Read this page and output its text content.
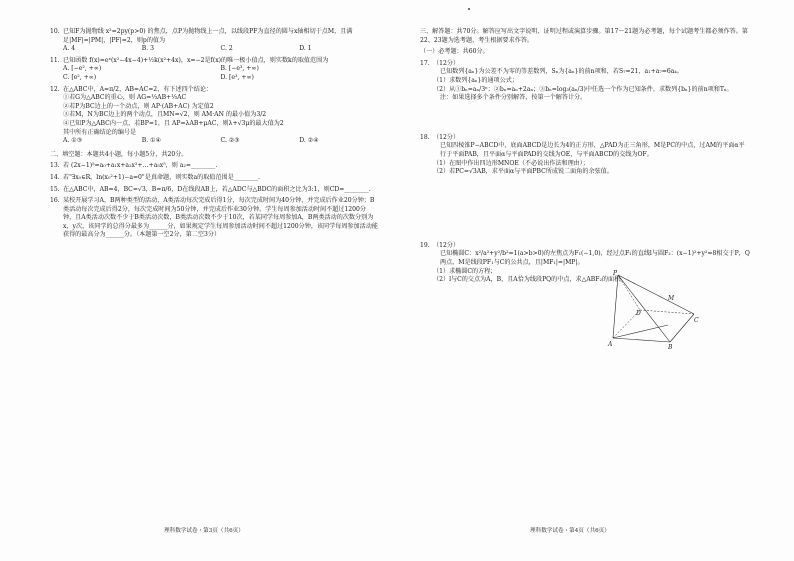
10. 已知F为抛物线 x²=2py(p>0) 的焦点，点P为抛物线上一点，以线段PF为直径的圆与x轴相切于点M，且满足|MF|=|PM|，|PF|=2，则p的值为
A. 4	B. 3	C. 2	D. 1
11. 已知函数 f(x)=eˣ(x²−4x−4)+½k(x²+4x)，x=−2是f(x)的唯一极小值点，则实数k的取值范围为
A. [−e², +∞)	B. [−e³, +∞)
C. [e², +∞)	D. [e³, +∞)
12. 在△ABC中，A=π/2，AB=AC=2，有下述四个结论：
①若G为△ABC的重心，则 AG=⅓AB+⅓AC
②若P为BC边上的一个动点，则 AP·(AB+AC) 为定值2
③若M，N为BC边上的两个动点，且MN=√2，则 AM·AN 的最小值为3/2
④已知P为△ABC内一点，若BP=1，且 AP=λAB+μAC，则λ+√3μ的最大值为2
其中所有正确结论的编号是
A. ①③	B. ①④	C. ②③	D. ②④
二、填空题：本题共4小题，每小题5分，共20分。
13. 若 (2x−1)⁵=a₀+a₁x+a₂x²+…+a₅x⁵，则 a₂=________.
14. 若"∃x₀∈R，ln(x₀²+1)−a=0"是真命题，则实数a的取值范围是________.
15. 在△ABC中，AB=4，BC=√3，B=π/6，D在线段AB上，若△ADC与△BDC的面积之比为3:1，则CD=________.
16. 某校开展学习A，B两种类型的活动，A类活动每次完成后得1分，每次完成时间为40分钟，并完成后作业20分钟；B类活动每次完成后得2分，每次完成时间为50分钟，并完成后作业30分钟。学生每周参加活动时间不超过1200分钟，且A类活动次数不少于B类活动次数，B类活动次数不少于10次，若某同学每周参加A，B两类活动的次数分别为x，y次，该同学的总得分最多为______分，如果规定学生每周参加活动时间不超过1200分钟，该同学每周参加活动能获得的最高分为______分。（本题第一空2分，第二空3分）
三、解答题：共70分。解答应写出文字说明、证明过程或演算步骤。第17～21题为必考题，每个试题考生都必须作答。第22、23题为选考题，考生根据要求作答。
（一）必考题：共60分。
17. （12分）
已知数列{aₙ}为公差不为零的等差数列，Sₙ为{aₙ}的前n项和，若S₇=21，a₁+a₇=6a₄。
（1）求数列{aₙ}的通项公式；
（2）从①bₙ=aₙ/3ⁿ；②bₙ=aₙ+2aₙ；③bₙ=log₃(aₙ/3)中任选一个作为已知条件，求数列{bₙ}的前n项和Tₙ。
注：如果选择多个条件分别解答，按第一个解答计分。
18. （12分）
已知四棱锥P−ABCD中，底面ABCD是边长为4的正方形，△PAD为正三角形，M是PC的中点，过AM的平面α平行于平面PAB，且平面α与平面PAD的交线为OE，与平面ABCD的交线为OF。
（1）在图中作出四边形MNOE（不必说出作法和理由）；
（2）若PC=√3AB，求平面α与平面PBC所成锐二面角的余弦值。
19. （12分）
已知椭圆C：x²/a²+y²/b²=1(a>b>0)的左焦点为F₁(−1,0)，经过点F₁的直线l与圆F₂：(x−1)²+y²=8相交于P，Q两点，M是线段PF₁与C的公共点，且|MF₁|=|MP|。
（1）求椭圆C的方程；
（2）l与C的交点为A，B，且A恰为线段PQ的中点，求△ABF₂的面积。
P
M
D
C
A	B
理科数学试卷・第3页（共6页）	理科数学试卷・第4页（共6页）
